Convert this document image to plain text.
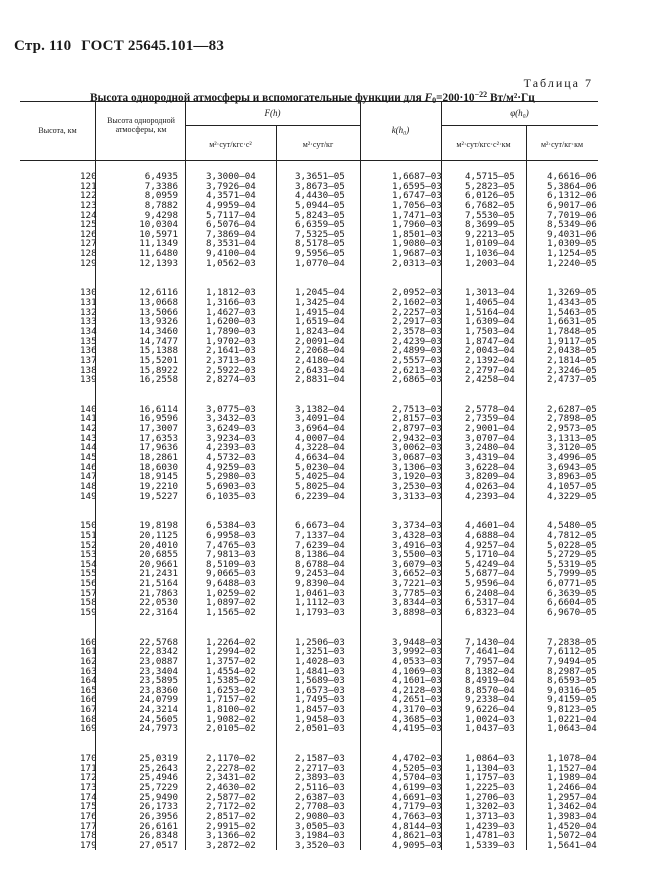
Стр. 110 ГОСТ 25645.101—83
Таблица 7
Высота однородной атмосферы и вспомогательные функции для $F_0=200\cdot 10^{-22}$ Вт/м²·Гц
Высота, км
Высота однородной атмосферы, км
F(h)
м²·сут/кгс·с²	м²·сут/кг
k(h₀)
φ(h₀)
м²·сут/кгс·с²·км	м²·сут/кг·км
120	6,4935	3,3000—04	3,3651—05	1,6687—03	4,5715—05	4,6616—06
121	7,3386	3,7926—04	3,8673—05	1,6595—03	5,2823—05	5,3864—06
122	8,0959	4,3571—04	4,4430—05	1,6747—03	6,0126—05	6,1312—06
123	8,7882	4,9959—04	5,0944—05	1,7056—03	6,7682—05	6,9017—06
124	9,4298	5,7117—04	5,8243—05	1,7471—03	7,5530—05	7,7019—06
125	10,0304	6,5076—04	6,6359—05	1,7960—03	8,3699—05	8,5349—06
126	10,5971	7,3869—04	7,5325—05	1,8501—03	9,2213—05	9,4031—06
127	11,1349	8,3531—04	8,5178—05	1,9080—03	1,0109—04	1,0309—05
128	11,6480	9,4100—04	9,5956—05	1,9687—03	1,1036—04	1,1254—05
129	12,1393	1,0562—03	1,0770—04	2,0313—03	1,2003—04	1,2240—05
130	12,6116	1,1812—03	1,2045—04	2,0952—03	1,3013—04	1,3269—05
131	13,0668	1,3166—03	1,3425—04	2,1602—03	1,4065—04	1,4343—05
132	13,5066	1,4627—03	1,4915—04	2,2257—03	1,5164—04	1,5463—05
133	13,9326	1,6200—03	1,6519—04	2,2917—03	1,6309—04	1,6631—05
134	14,3460	1,7890—03	1,8243—04	2,3578—03	1,7503—04	1,7848—05
135	14,7477	1,9702—03	2,0091—04	2,4239—03	1,8747—04	1,9117—05
136	15,1388	2,1641—03	2,2068—04	2,4899—03	2,0043—04	2,0438—05
137	15,5201	2,3713—03	2,4180—04	2,5557—03	2,1392—04	2,1814—05
138	15,8922	2,5922—03	2,6433—04	2,6213—03	2,2797—04	2,3246—05
139	16,2558	2,8274—03	2,8831—04	2,6865—03	2,4258—04	2,4737—05
140	16,6114	3,0775—03	3,1382—04	2,7513—03	2,5778—04	2,6287—05
141	16,9596	3,3432—03	3,4091—04	2,8157—03	2,7359—04	2,7898—05
142	17,3007	3,6249—03	3,6964—04	2,8797—03	2,9001—04	2,9573—05
143	17,6353	3,9234—03	4,0007—04	2,9432—03	3,0707—04	3,1313—05
144	17,9636	4,2393—03	4,3228—04	3,0062—03	3,2480—04	3,3120—05
145	18,2861	4,5732—03	4,6634—04	3,0687—03	3,4319—04	3,4996—05
146	18,6030	4,9259—03	5,0230—04	3,1306—03	3,6228—04	3,6943—05
147	18,9145	5,2980—03	5,4025—04	3,1920—03	3,8209—04	3,8963—05
148	19,2210	5,6903—03	5,8025—04	3,2530—03	4,0263—04	4,1057—05
149	19,5227	6,1035—03	6,2239—04	3,3133—03	4,2393—04	4,3229—05
150	19,8198	6,5384—03	6,6673—04	3,3734—03	4,4601—04	4,5480—05
151	20,1125	6,9958—03	7,1337—04	3,4328—03	4,6888—04	4,7812—05
152	20,4010	7,4765—03	7,6239—04	3,4916—03	4,9257—04	5,0228—05
153	20,6855	7,9813—03	8,1386—04	3,5500—03	5,1710—04	5,2729—05
154	20,9661	8,5109—03	8,6788—04	3,6079—03	5,4249—04	5,5319—05
155	21,2431	9,0665—03	9,2453—04	3,6652—03	5,6877—04	5,7999—05
156	21,5164	9,6488—03	9,8390—04	3,7221—03	5,9596—04	6,0771—05
157	21,7863	1,0259—02	1,0461—03	3,7785—03	6,2408—04	6,3639—05
158	22,0530	1,0897—02	1,1112—03	3,8344—03	6,5317—04	6,6604—05
159	22,3164	1,1565—02	1,1793—03	3,8898—03	6,8323—04	6,9670—05
160	22,5768	1,2264—02	1,2506—03	3,9448—03	7,1430—04	7,2838—05
161	22,8342	1,2994—02	1,3251—03	3,9992—03	7,4641—04	7,6112—05
162	23,0887	1,3757—02	1,4028—03	4,0533—03	7,7957—04	7,9494—05
163	23,3404	1,4554—02	1,4841—03	4,1069—03	8,1382—04	8,2987—05
164	23,5895	1,5385—02	1,5689—03	4,1601—03	8,4919—04	8,6593—05
165	23,8360	1,6253—02	1,6573—03	4,2128—03	8,8570—04	9,0316—05
166	24,0799	1,7157—02	1,7495—03	4,2651—03	9,2338—04	9,4159—05
167	24,3214	1,8100—02	1,8457—03	4,3170—03	9,6226—04	9,8123—05
168	24,5605	1,9082—02	1,9458—03	4,3685—03	1,0024—03	1,0221—04
169	24,7973	2,0105—02	2,0501—03	4,4195—03	1,0437—03	1,0643—04
170	25,0319	2,1170—02	2,1587—03	4,4702—03	1,0864—03	1,1078—04
171	25,2643	2,2278—02	2,2717—03	4,5205—03	1,1304—03	1,1527—04
172	25,4946	2,3431—02	2,3893—03	4,5704—03	1,1757—03	1,1989—04
173	25,7229	2,4630—02	2,5116—03	4,6199—03	1,2225—03	1,2466—04
174	25,9490	2,5877—02	2,6387—03	4,6691—03	1,2706—03	1,2957—04
175	26,1733	2,7172—02	2,7708—03	4,7179—03	1,3202—03	1,3462—04
176	26,3956	2,8517—02	2,9080—03	4,7663—03	1,3713—03	1,3983—04
177	26,6161	2,9915—02	3,0505—03	4,8144—03	1,4239—03	1,4520—04
178	26,8348	3,1366—02	3,1984—03	4,8621—03	1,4781—03	1,5072—04
179	27,0517	3,2872—02	3,3520—03	4,9095—03	1,5339—03	1,5641—04
